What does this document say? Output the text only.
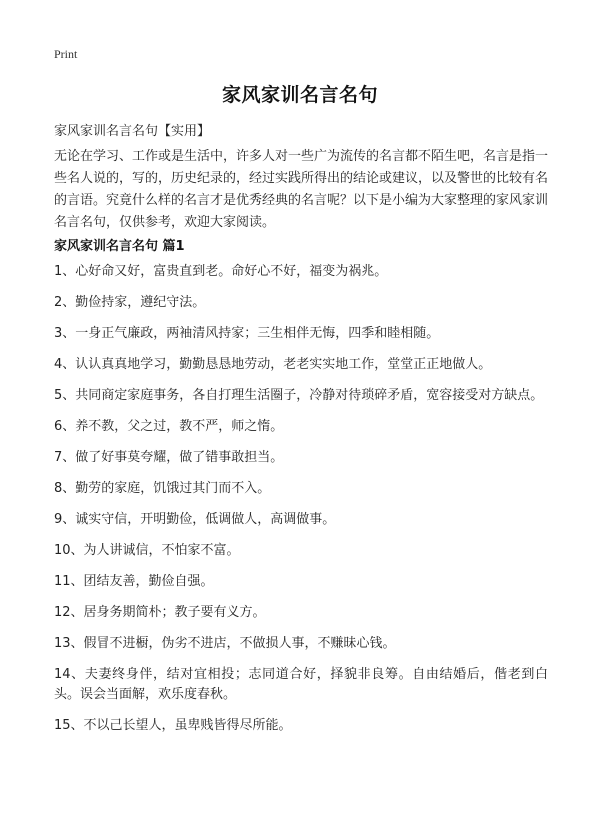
Print
家风家训名言名句
家风家训名言名句【实用】
无论在学习、工作或是生活中，许多人对一些广为流传的名言都不陌生吧，名言是指一些名人说的，写的，历史纪录的，经过实践所得出的结论或建议，以及警世的比较有名的言语。究竟什么样的名言才是优秀经典的名言呢？以下是小编为大家整理的家风家训名言名句，仅供参考，欢迎大家阅读。
家风家训名言名句 篇1
1、心好命又好，富贵直到老。命好心不好，福变为祸兆。
2、勤俭持家，遵纪守法。
3、一身正气廉政，两袖清风持家；三生相伴无悔，四季和睦相随。
4、认认真真地学习，勤勤恳恳地劳动，老老实实地工作，堂堂正正地做人。
5、共同商定家庭事务，各自打理生活圈子，冷静对待琐碎矛盾，宽容接受对方缺点。
6、养不教，父之过，教不严，师之惰。
7、做了好事莫夸耀，做了错事敢担当。
8、勤劳的家庭，饥饿过其门而不入。
9、诚实守信，开明勤俭，低调做人，高调做事。
10、为人讲诚信，不怕家不富。
11、团结友善，勤俭自强。
12、居身务期简朴；教子要有义方。
13、假冒不进橱，伪劣不进店，不做损人事，不赚昧心钱。
14、夫妻终身伴，结对宜相投；志同道合好，择貌非良筹。自由结婚后，偕老到白头。误会当面解，欢乐度春秋。
15、不以己长望人，虽卑贱皆得尽所能。
